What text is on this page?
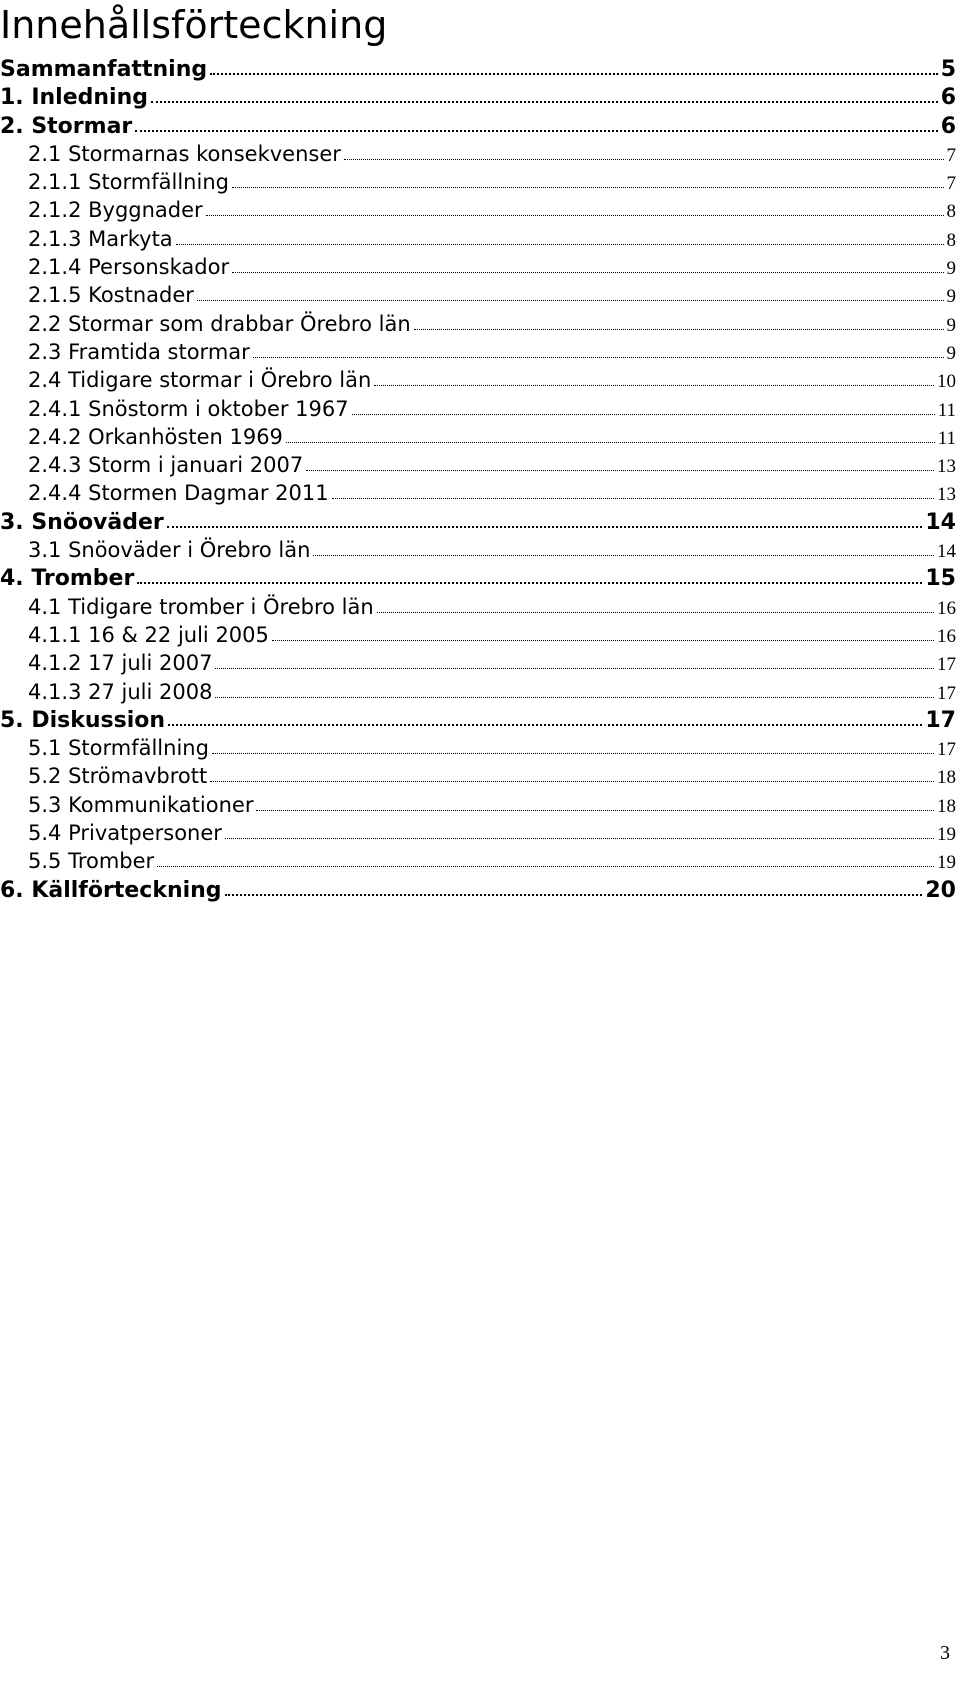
Innehållsförteckning
Sammanfattning	5
1. Inledning	6
2. Stormar	6
2.1 Stormarnas konsekvenser	7
2.1.1 Stormfällning	7
2.1.2 Byggnader	8
2.1.3 Markyta	8
2.1.4 Personskador	9
2.1.5 Kostnader	9
2.2 Stormar som drabbar Örebro län	9
2.3 Framtida stormar	9
2.4 Tidigare stormar i Örebro län	10
2.4.1 Snöstorm i oktober 1967	11
2.4.2 Orkanhösten 1969	11
2.4.3 Storm i januari 2007	13
2.4.4 Stormen Dagmar 2011	13
3. Snöoväder	14
3.1 Snöoväder i Örebro län	14
4. Tromber	15
4.1 Tidigare tromber i Örebro län	16
4.1.1 16 & 22 juli 2005	16
4.1.2 17 juli 2007	17
4.1.3 27 juli 2008	17
5. Diskussion	17
5.1 Stormfällning	17
5.2 Strömavbrott	18
5.3 Kommunikationer	18
5.4 Privatpersoner	19
5.5 Tromber	19
6. Källförteckning	20
3
